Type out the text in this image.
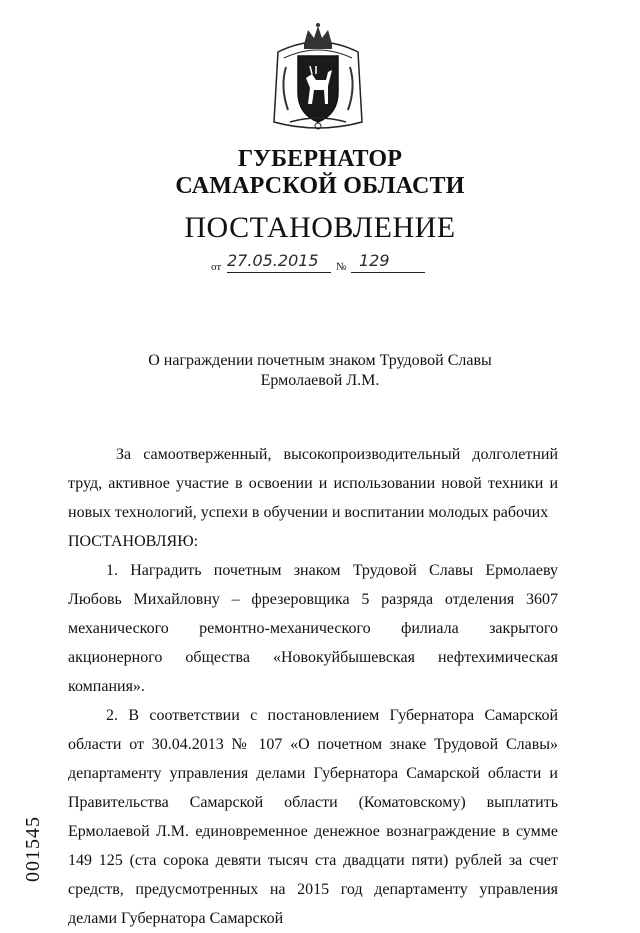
ГУБЕРНАТОР
САМАРСКОЙ ОБЛАСТИ
ПОСТАНОВЛЕНИЕ
от 27.05.2015 № 129
О награждении почетным знаком Трудовой Славы
Ермолаевой Л.М.

За самоотверженный, высокопроизводительный долголетний труд, активное участие в освоении и использовании новой техники и новых технологий, успехи в обучении и воспитании молодых рабочих

ПОСТАНОВЛЯЮ:

1. Наградить почетным знаком Трудовой Славы Ермолаеву Любовь Михайловну – фрезеровщика 5 разряда отделения 3607 механического ремонтно-механического филиала закрытого акционерного общества «Новокуйбышевская нефтехимическая компания».

2. В соответствии с постановлением Губернатора Самарской области от 30.04.2013 № 107 «О почетном знаке Трудовой Славы» департаменту управления делами Губернатора Самарской области и Правительства Самарской области (Коматовскому) выплатить Ермолаевой Л.М. единовременное денежное вознаграждение в сумме 149 125 (ста сорока девяти тысяч ста двадцати пяти) рублей за счет средств, предусмотренных на 2015 год департаменту управления делами Губернатора Самарской

001545
